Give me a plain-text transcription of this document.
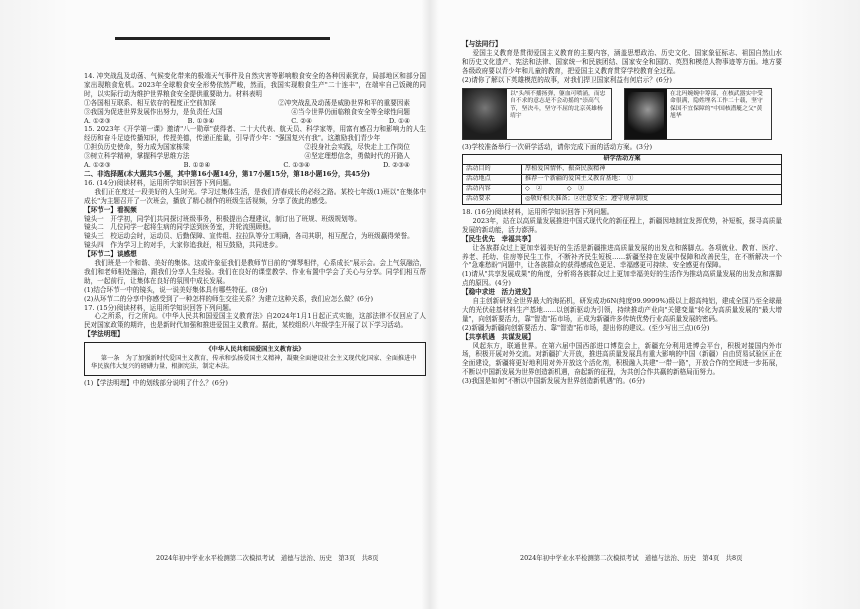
14. 冲突战乱及动荡、气候变化带来的极端天气事件及自然灾害等影响粮食安全的各种因素犹存，局部地区和部分国家出现粮食危机。2023年全球粮食安全形势依然严峻，然而，我国实现粮食生产"二十连丰"，在端牢自己饭碗的同时，以实际行动为维护世界粮食安全提供重要助力。材料表明

①各国相互联系、相互依存的程度正空前加深	②冲突战乱及动荡是威胁世界和平的重要因素
③我国为促进世界发展作出努力，是负责任大国	④当今世界仍面临粮食安全等全球性问题
A. ①②③	B. ①③④	C. ②④	D. ①④

15. 2023年《开学第一课》邀请"八一勋章"获得者、二十大代表、航天员、科学家等，用富有感召力和影响力的人生经历和奋斗足迹传播知识，传授美德，传递正能量，引导青少年："强国复兴有我"。这激励我们青少年

①担负历史使命，努力成为国家栋梁	②投身社会实践，尽快走上工作岗位
③树立科学精神，掌握科学思维方法	④坚定理想信念，勇做时代的开路人
A. ①②③	B. ①②④	C. ①③④	D. ②③④

二、非选择题(本大题共5小题，其中第16小题14分，第17小题15分，第18小题16分，共45分)

16. (14分)阅读材料，运用所学知识回答下列问题。

我们正在度过一段美好的人生时光。学习过集体生活，是我们青春成长的必经之路。某校七年级(1)班以"在集体中成长"为主题召开了一次班会，播放了精心制作的班级生活视频，分享了彼此的感受。

【环节一】看视频

镜头一　开学初，同学们共同探讨班级事务，积极提出合理建议，制订出了班规、班级规划等。

镜头二　几位同学一起将生病的同学送到医务室，并轮流照顾他。

镜头三　校运动会时，运动员、后勤保障、宣传组、拉拉队等分工明确，各司其职，相互配合，为班级赢得荣誉。

镜头四　作为学习上的对手，大家你追我赶，相互鼓励，共同进步。

【环节二】谈感想

我们班是一个和谐、美好的集体。这或许象征我们是教师节目前的"弹琴相伴，心系成长"展示会。会上气氛融洽，我们和老师相处融洽，跟我们分享人生经验。我们在良好的课堂教学、作业布置中学会了关心与分享。同学们相互帮助，一起前行，让集体在良好的氛围中成长发展。

(1)结合环节一中的镜头，说一说美好集体具有哪些特征。(8分)

(2)从环节二的分享中你感受到了一种怎样的师生交往关系？为建立这种关系，我们应怎么做？(6分)

17. (15分)阅读材料，运用所学知识回答下列问题。

心之所系，行之所向。《中华人民共和国爱国主义教育法》自2024年1月1日起正式实施，这部法律不仅回应了人民对国家政策的期许，也是新时代加强和推进爱国主义教育。据此，某校组织八年级学生开展了以下学习活动。

【学法明理】

《中华人民共和国爱国主义教育法》
第一条　为了加强新时代爱国主义教育，传承和弘扬爱国主义精神，凝聚全面建设社会主义现代化国家、全面推进中华民族伟大复兴的磅礴力量，根据宪法，制定本法。

(1)【学法明理】中的划线部分说明了什么？(6分)

2024年初中学业水平检测第二次模拟考试　道德与法治、历史　第3页　共8页

【与法同行】

爱国主义教育是贯彻爱国主义教育的主要内容，涵盖思想政治、历史文化、国家象征标志、祖国自然山水和历史文化遗产、宪法和法律、国家统一和民族团结、国家安全和国防、英烈和模范人物事迹等方面。地方要各级政府要以青少年和儿童的教育，把爱国主义教育贯穿学校教育全过程。

(2)请你了解以下英雄模范的故事，对我们捍卫国家利益有何启示？(6分)

以"头颅不播扬弹，躯血可喷涌，而忠自不求的意志是不会动摇的"崇高气节，坚决斗，坚守不屈的北京英雄杨靖宇
在北玛婉婉中筹部，在核武器实中受命很满，隐姓埋名工作二十载，坚守保国不宜保障的"中国核潜艇之父"黄旭华

(3)学校准备举行一次研学活动，请你完成下面的活动方案。(3分)

研学活动方案	
活动目的	厚植爱国情怀，振奋民族精神
活动地点	推荐一个新疆的爱国主义教育基地：　①　
活动内容	◇　②　　　　◇　③　
活动要求	◎敬好相关准备；②注意安全；遵守规章制度

18. (16分)阅读材料，运用所学知识回答下列问题。

2023年，站在以高质量发展推进中国式现代化的新征程上，新疆因地制宜发挥优势，补短板，探寻高质量发展的新动能，活力澎湃。

【民生优先　幸福共享】

让各族群众过上更加幸福美好的生活是新疆推进高质量发展的出发点和落脚点。各项就业、教育、医疗、养老、托幼、住房等民生工作，不断补齐民生短板……新疆坚持在发展中保障和改善民生，在不断解决一个个"急难愁盼"问题中，让各族群众的获得感成色更足、幸福感更可持续、安全感更有保障。

(1)请从"共享发展成果"的角度，分析将各族群众过上更加幸福美好的生活作为推动高质量发展的出发点和落脚点的原因。(4分)

【稳中求进　活力迸发】

自主创新研发全世界最大的海拓机，研发成功6N(纯度99.9999%)级以上超高纯铝，建成全国乃至全球最大的光伏硅基材料生产基地……以创新驱动为引领，持续推动产业向"关键变量"转化为高质量发展的"最大增量"，向创新要活力，靠"智造"拓市场，正成为新疆许多传统优势行业高质量发展的密码。

(2)新疆为新疆向创新要活力、靠"智造"拓市场，提出你的建议。(至少写出三点)(6分)

【共享机遇　共谋发展】

风起东方，联通世界。在第六届中国西部进口博览会上，新疆充分利用进博会平台，积极对接国内外市场，积极开展对外交流。对新疆扩大开放，推进高质量发展具有重大影响的中国（新疆）自由贸易试验区正在全面建设，新疆将更好地利用对外开放这个活化剂，积极融入共建"一带一路"，开放合作的空间进一步拓展，不断以中国新发展为世界创造新机遇，奋起新的征程，为共创合作共赢的新格局而努力。

(3)我国是如何"不断以中国新发展为世界创造新机遇"的。(6分)

2024年初中学业水平检测第二次模拟考试　道德与法治、历史　第4页　共8页
